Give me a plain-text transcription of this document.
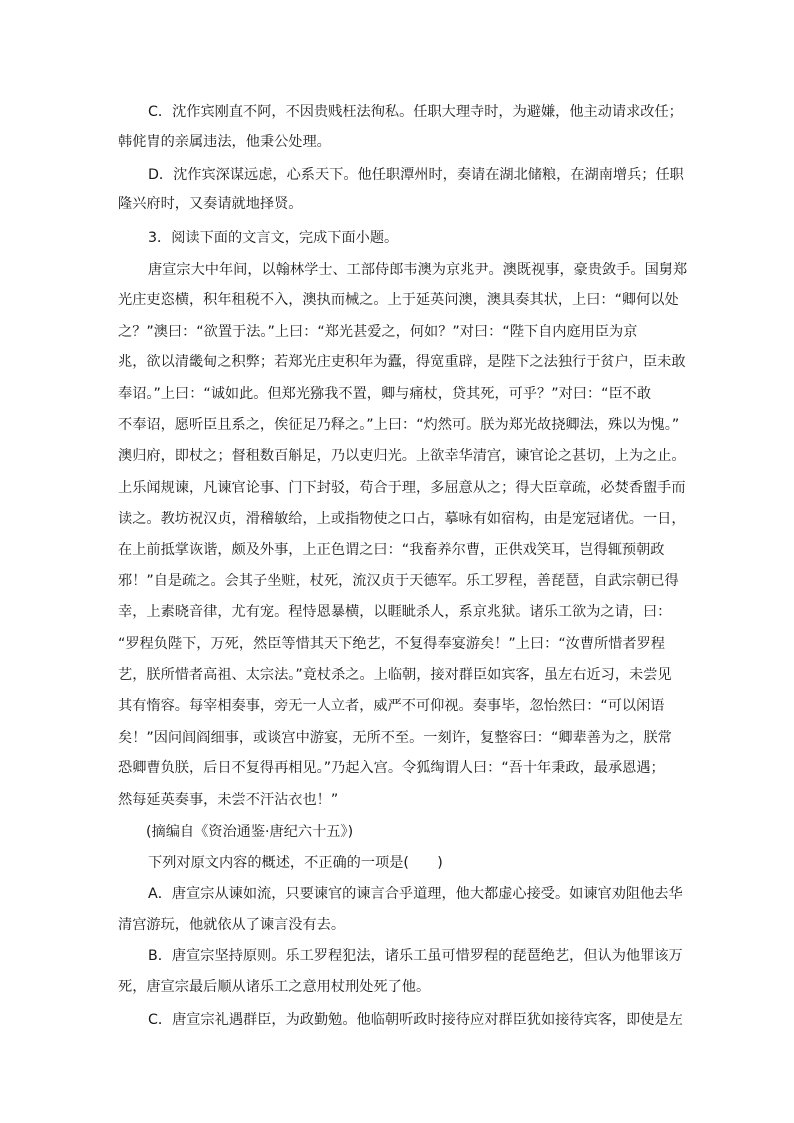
C．沈作宾刚直不阿，不因贵贱枉法徇私。任职大理寺时，为避嫌，他主动请求改任；
韩侂胄的亲属违法，他秉公处理。
D．沈作宾深谋远虑，心系天下。他任职潭州时，奏请在湖北储粮，在湖南增兵；任职
隆兴府时，又奏请就地择贤。
3．阅读下面的文言文，完成下面小题。
唐宣宗大中年间，以翰林学士、工部侍郎韦澳为京兆尹。澳既视事，豪贵敛手。国舅郑
光庄吏恣横，积年租税不入，澳执而械之。上于延英问澳，澳具奏其状，上曰：“卿何以处
之？”澳曰：“欲置于法。”上曰：“郑光甚爱之，何如？”对曰：“陛下自内庭用臣为京
兆，欲以清畿甸之积弊；若郑光庄吏积年为蠹，得宽重辟，是陛下之法独行于贫户，臣未敢
奉诏。”上曰：“诚如此。但郑光猕我不置，卿与痛杖，贷其死，可乎？”对曰：“臣不敢
不奉诏，愿听臣且系之，俟征足乃释之。”上曰：“灼然可。朕为郑光故挠卿法，殊以为愧。”
澳归府，即杖之；督租数百斛足，乃以吏归光。上欲幸华清宫，谏官论之甚切，上为之止。
上乐闻规谏，凡谏官论事、门下封驳，苟合于理，多屈意从之；得大臣章疏，必焚香盥手而
读之。教坊祝汉贞，滑稽敏给，上或指物使之口占，摹咏有如宿构，由是宠冠诸优。一日，
在上前抵掌诙谐，颇及外事，上正色谓之曰：“我畜养尔曹，正供戏笑耳，岂得辄预朝政
邪！”自是疏之。会其子坐赃，杖死，流汉贞于天德军。乐工罗程，善琵琶，自武宗朝已得
幸，上素晓音律，尤有宠。程恃恩暴横，以睚眦杀人，系京兆狱。诸乐工欲为之请，曰：
“罗程负陛下，万死，然臣等惜其天下绝艺，不复得奉宴游矣！”上曰：“汝曹所惜者罗程
艺，朕所惜者高祖、太宗法。”竟杖杀之。上临朝，接对群臣如宾客，虽左右近习，未尝见
其有惰容。每宰相奏事，旁无一人立者，威严不可仰视。奏事毕，忽怡然曰：“可以闲语
矣！”因问闾阎细事，或谈宫中游宴，无所不至。一刻许，复整容曰：“卿辈善为之，朕常
恐卿曹负朕，后日不复得再相见。”乃起入宫。令狐绹谓人曰：“吾十年秉政，最承恩遇；
然每延英奏事，未尝不汗沾衣也！”
(摘编自《资治通鉴·唐纪六十五》)
下列对原文内容的概述，不正确的一项是(　　)
A．唐宣宗从谏如流，只要谏官的谏言合乎道理，他大都虚心接受。如谏官劝阻他去华
清宫游玩，他就依从了谏言没有去。
B．唐宣宗坚持原则。乐工罗程犯法，诸乐工虽可惜罗程的琵琶绝艺，但认为他罪该万
死，唐宣宗最后顺从诸乐工之意用杖刑处死了他。
C．唐宣宗礼遇群臣，为政勤勉。他临朝听政时接待应对群臣犹如接待宾客，即使是左
